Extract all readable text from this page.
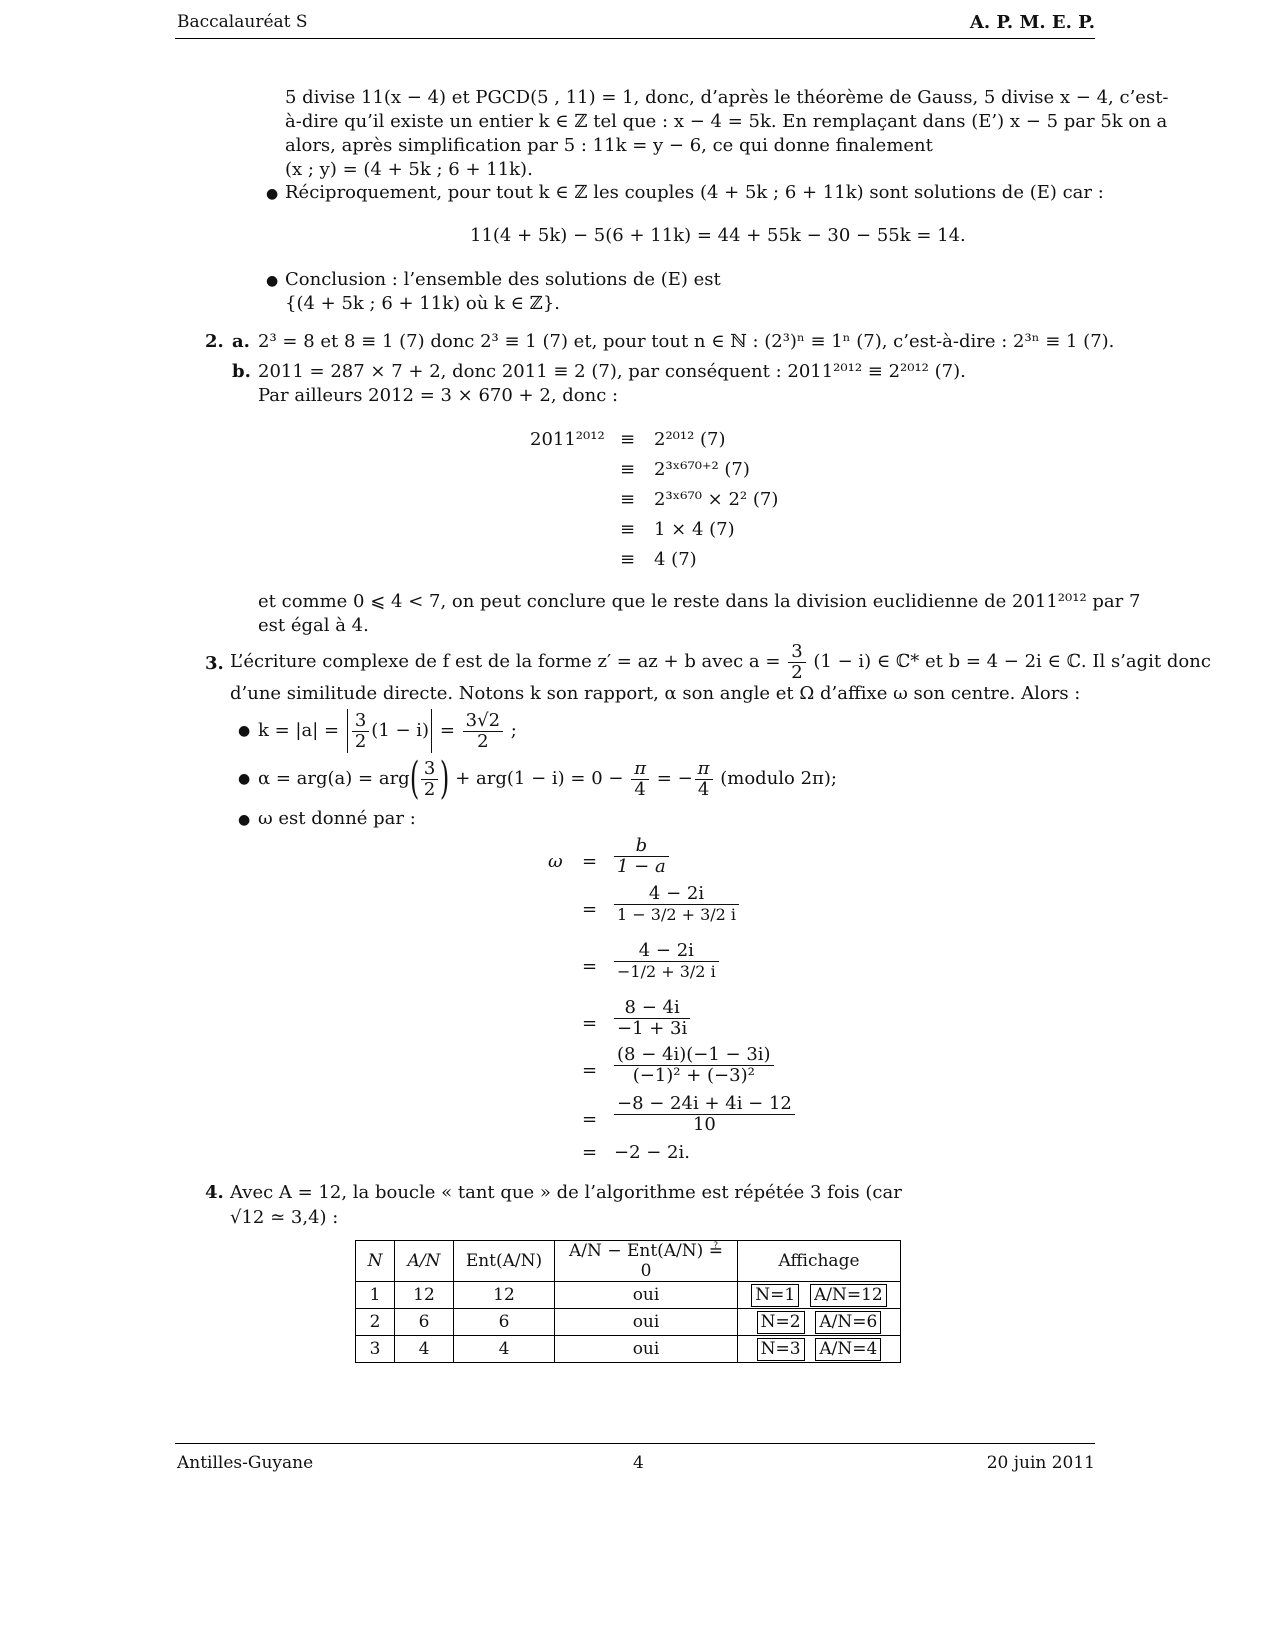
Baccalauréat S	A. P. M. E. P.
5 divise 11(x − 4) et PGCD(5 , 11) = 1, donc, d’après le théorème de Gauss, 5 divise x − 4, c’est-
à-dire qu’il existe un entier k ∈ ℤ tel que : x − 4 = 5k. En remplaçant dans (E’) x − 5 par 5k on a
alors, après simplification par 5 : 11k = y − 6, ce qui donne finalement
(x ; y) = (4 + 5k ; 6 + 11k).
● Réciproquement, pour tout k ∈ ℤ les couples (4 + 5k ; 6 + 11k) sont solutions de (E) car :
11(4 + 5k) − 5(6 + 11k) = 44 + 55k − 30 − 55k = 14.
● Conclusion : l’ensemble des solutions de (E) est
{(4 + 5k ; 6 + 11k) où k ∈ ℤ}.
2. a. 2³ = 8 et 8 ≡ 1 (7) donc 2³ ≡ 1 (7) et, pour tout n ∈ ℕ : (2³)ⁿ ≡ 1ⁿ (7), c’est-à-dire : 2³ⁿ ≡ 1 (7).
b. 2011 = 287 × 7 + 2, donc 2011 ≡ 2 (7), par conséquent : 2011²⁰¹² ≡ 2²⁰¹² (7).
Par ailleurs 2012 = 3 × 670 + 2, donc :
2011²⁰¹² ≡ 2²⁰¹² (7)
≡ 2³ˣ⁶⁷⁰⁺² (7)
≡ 2³ˣ⁶⁷⁰ × 2² (7)
≡ 1 × 4 (7)
≡ 4 (7)
et comme 0 ⩽ 4 < 7, on peut conclure que le reste dans la division euclidienne de 2011²⁰¹² par 7
est égal à 4.
3. L’écriture complexe de f est de la forme z′ = az + b avec $a = \frac{3}{2} (1 - i)$ ∈ ℂ* et b = 4 − 2i ∈ ℂ. Il s’agit donc
d’une similitude directe. Notons k son rapport, α son angle et Ω d’affixe ω son centre. Alors :
● $k = |a| = \frac{3}{2} (1 - i) = \frac{3√2}{2}$ ;
● $\alpha = arg(a) = arg( \frac{3}{2}$ ) + $arg(1 - i) = 0 - \frac{\pi}{4}$ = − $\frac{\pi}{4}$ (modulo 2π);
● ω est donné par :
$\omega = \frac{b}{1 - a}$
= $\frac{4 - 2i}{1 - 3/2 + 3/2 i}$
= $\frac{4 - 2i}{-1/2 + 3/2 i}$
= $\frac{8 - 4i}{-1 + 3i}$
= $\frac{(8 - 4i)(-1 - 3i)}{\text{(−1)² + (−3)²}}$
= $\frac{-8 - 24i + 4i - 12}{10}$
= −2 − 2i.
4. Avec A = 12, la boucle « tant que » de l’algorithme est répétée 3 fois (car
√12 ≃ 3,4) :
N	A/N	Ent(A/N)	A/N − Ent(A/N) ≟ 0	Affichage
1	12	12	oui	N=1 A/N=12
2	6	6	oui	N=2 A/N=6
3	4	4	oui	N=3 A/N=4
Antilles-Guyane	4	20 juin 2011
